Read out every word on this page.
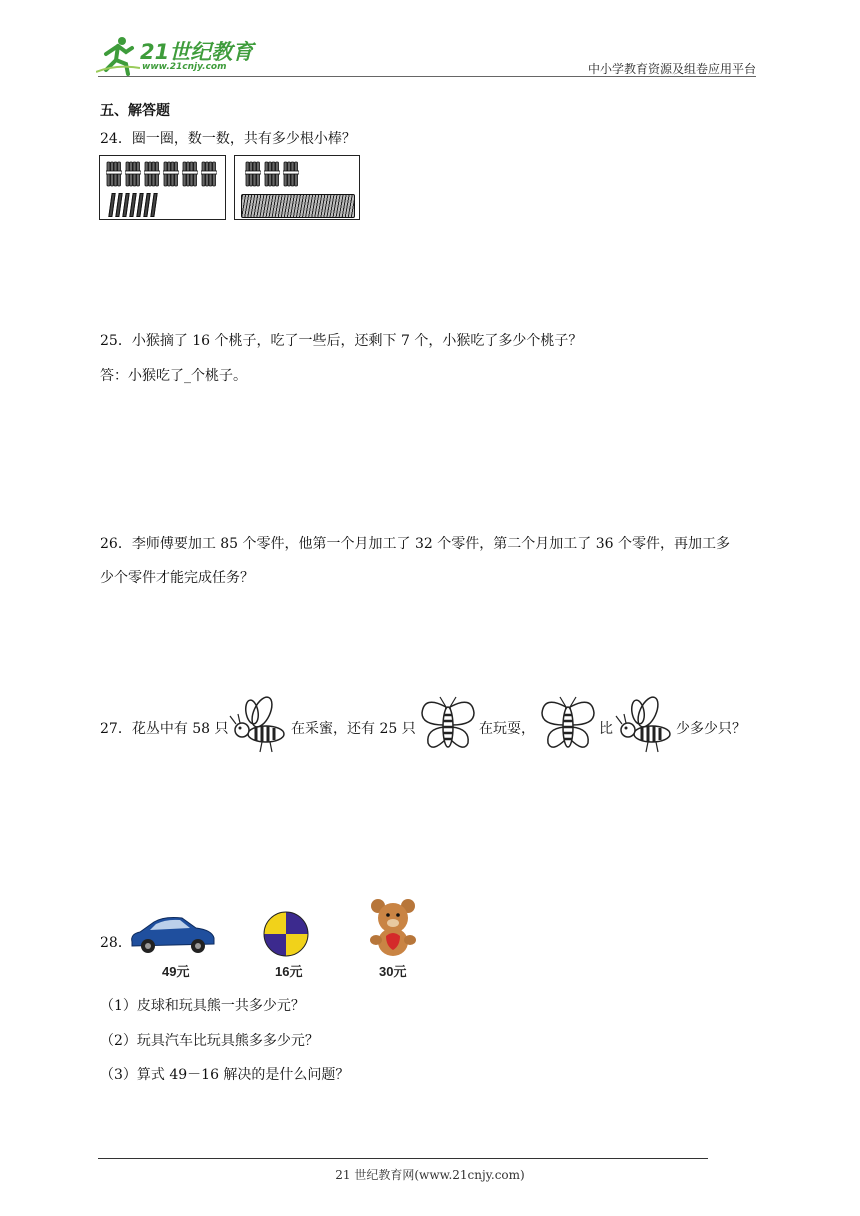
21世纪教育
www.21cnjy.com	中小学教育资源及组卷应用平台
五、解答题
24．圈一圈，数一数，共有多少根小棒？
25．小猴摘了 16 个桃子，吃了一些后，还剩下 7 个，小猴吃了多少个桃子？
答：小猴吃了_个桃子。
26．李师傅要加工 85 个零件，他第一个月加工了 32 个零件，第二个月加工了 36 个零件，再加工多
少个零件才能完成任务？
27．花丛中有 58 只	在采蜜，还有 25 只	在玩耍，	比	少多少只？
28．
49元	16元	30元
（1）皮球和玩具熊一共多少元？
（2）玩具汽车比玩具熊多多少元？
（3）算式 49－16 解决的是什么问题？
21 世纪教育网(www.21cnjy.com)
